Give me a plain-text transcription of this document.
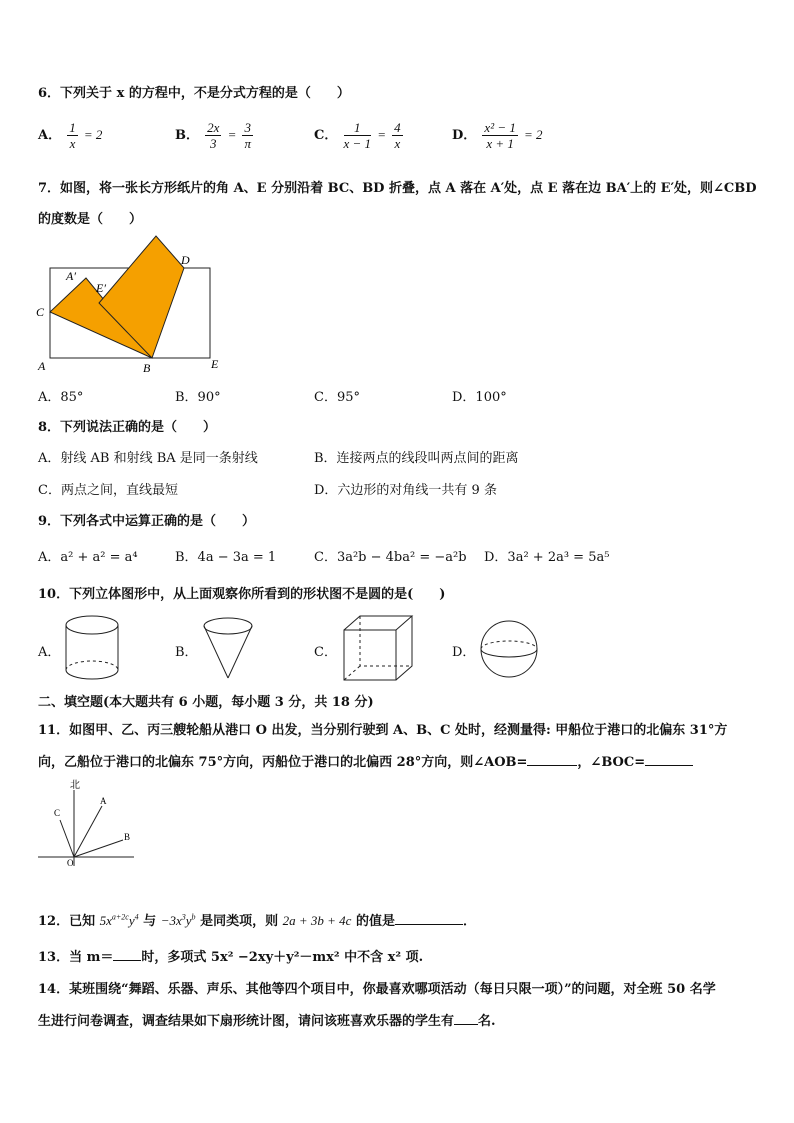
6．下列关于 x 的方程中，不是分式方程的是（　　）
A． $\frac{1}{x} = 2$	B． $\frac{2x}{3} = \frac{3}{\pi}$	C． $\frac{1}{x - 1} = \frac{4}{x}$	D． $\frac{\text{x² − 1}}{x + 1} = 2$
7．如图，将一张长方形纸片的角 A、E 分别沿着 BC、BD 折叠，点 A 落在 A′处，点 E 落在边 BA′上的 E′处，则∠CBD
的度数是（　　）
A′
E′
D
C
A	B	E
A．85°	B．90°	C．95°	D．100°
8．下列说法正确的是（　　）
A．射线 AB 和射线 BA 是同一条射线	B．连接两点的线段叫两点间的距离
C．两点之间，直线最短	D．六边形的对角线一共有 9 条
9．下列各式中运算正确的是（　　）
A．a² + a² = a⁴	B．4a − 3a = 1	C．3a²b − 4ba² = −a²b D．3a² + 2a³ = 5a⁵
10．下列立体图形中，从上面观察你所看到的形状图不是圆的是(　　)
A．	B．	C．	D．
二、填空题(本大题共有 6 小题，每小题 3 分，共 18 分)
11．如图甲、乙、丙三艘轮船从港口 O 出发，当分别行驶到 A、B、C 处时，经测量得: 甲船位于港口的北偏东 31°方
向，乙船位于港口的北偏东 75°方向，丙船位于港口的北偏西 28°方向，则∠AOB=	，∠BOC=
北
A
B
C
O
12．已知 $5x^{a+2c}y^4$ 与 $-3x^3y^b$ 是同类项，则 2a + 3b + 4c 的值是	．
13．当 m＝ 时，多项式 5x² −2xy＋y²－mx² 中不含 x² 项.
14．某班围绕“舞蹈、乐器、声乐、其他等四个项目中，你最喜欢哪项活动（每日只限一项）”的问题，对全班 50 名学
生进行问卷调查，调查结果如下扇形统计图，请问该班喜欢乐器的学生有 名.
